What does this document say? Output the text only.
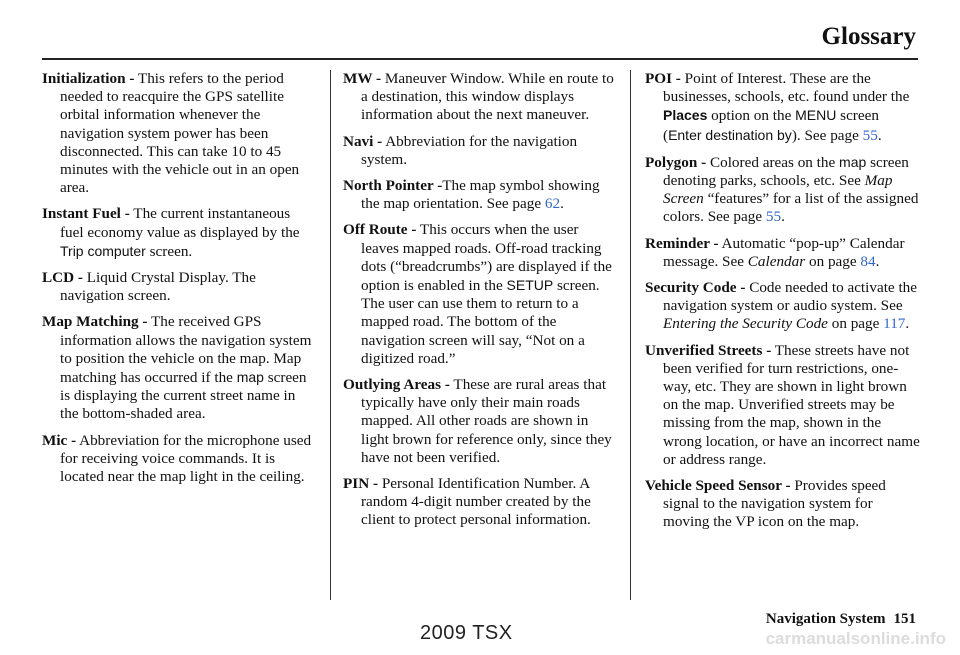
Glossary

Initialization - This refers to the period needed to reacquire the GPS satellite orbital information whenever the navigation system power has been disconnected. This can take 10 to 45 minutes with the vehicle out in an open area.

Instant Fuel - The current instantaneous fuel economy value as displayed by the Trip computer screen.

LCD - Liquid Crystal Display. The navigation screen.

Map Matching - The received GPS information allows the navigation system to position the vehicle on the map. Map matching has occurred if the map screen is displaying the current street name in the bottom-shaded area.

Mic - Abbreviation for the microphone used for receiving voice commands. It is located near the map light in the ceiling.

MW - Maneuver Window. While en route to a destination, this window displays information about the next maneuver.

Navi - Abbreviation for the navigation system.

North Pointer -The map symbol showing the map orientation. See page 62.

Off Route - This occurs when the user leaves mapped roads. Off-road tracking dots (“breadcrumbs”) are displayed if the option is enabled in the SETUP screen. The user can use them to return to a mapped road. The bottom of the navigation screen will say, “Not on a digitized road.”

Outlying Areas - These are rural areas that typically have only their main roads mapped. All other roads are shown in light brown for reference only, since they have not been verified.

PIN - Personal Identification Number. A random 4-digit number created by the client to protect personal information.

POI - Point of Interest. These are the businesses, schools, etc. found under the Places option on the MENU screen (Enter destination by). See page 55.

Polygon - Colored areas on the map screen denoting parks, schools, etc. See Map Screen “features” for a list of the assigned colors. See page 55.

Reminder - Automatic “pop-up” Calendar message. See Calendar on page 84.

Security Code - Code needed to activate the navigation system or audio system. See Entering the Security Code on page 117.

Unverified Streets - These streets have not been verified for turn restrictions, one-way, etc. They are shown in light brown on the map. Unverified streets may be missing from the map, shown in the wrong location, or have an incorrect name or address range.

Vehicle Speed Sensor - Provides speed signal to the navigation system for moving the VP icon on the map.

Navigation System 151
2009 TSX	carmanualsonline.info
